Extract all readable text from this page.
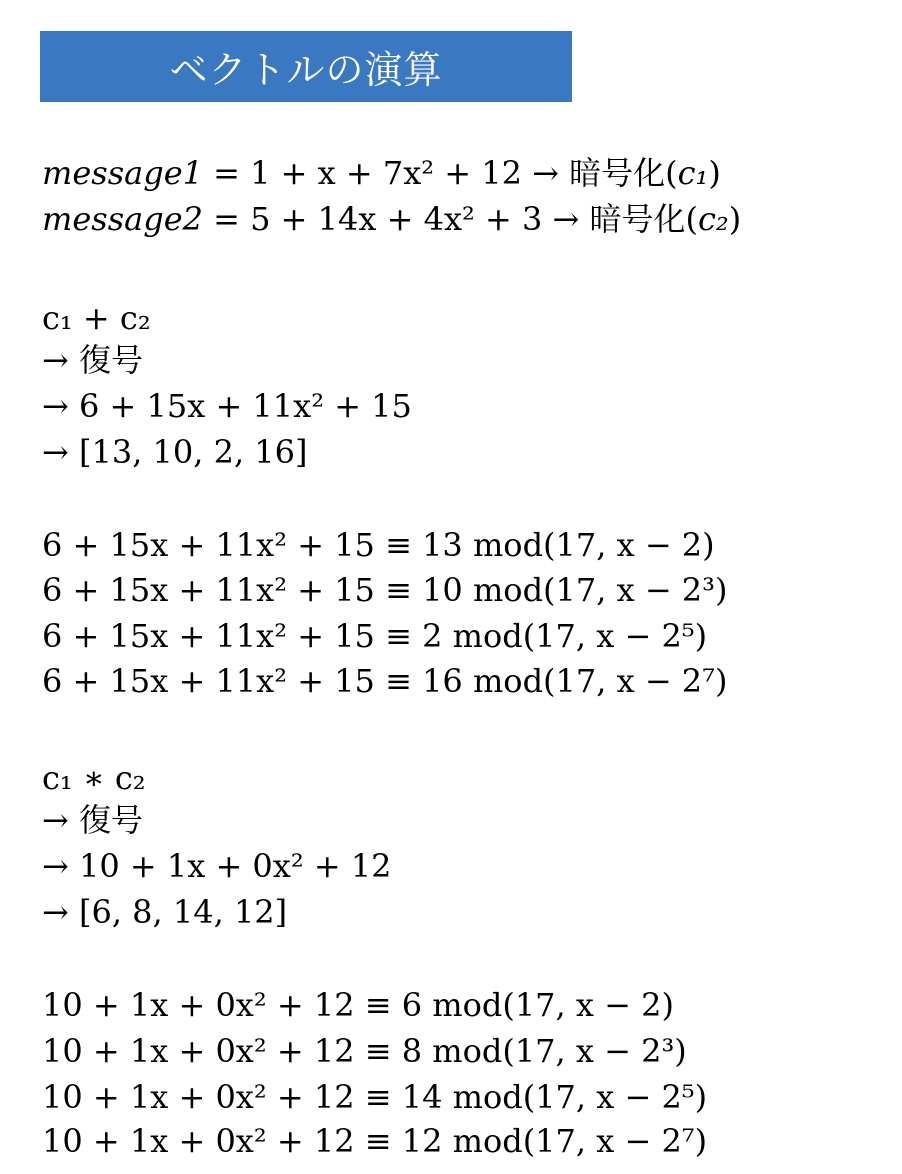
ベクトルの演算
message1 = 1 + x + 7x² + 12 → 暗号化(c₁)
message2 = 5 + 14x + 4x² + 3 → 暗号化(c₂)
c₁ + c₂
→ 復号
→ 6 + 15x + 11x² + 15
→ [13, 10, 2, 16]
6 + 15x + 11x² + 15 ≡ 13 mod(17, x − 2)
6 + 15x + 11x² + 15 ≡ 10 mod(17, x − 2³)
6 + 15x + 11x² + 15 ≡ 2 mod(17, x − 2⁵)
6 + 15x + 11x² + 15 ≡ 16 mod(17, x − 2⁷)
c₁ ∗ c₂
→ 復号
→ 10 + 1x + 0x² + 12
→ [6, 8, 14, 12]
10 + 1x + 0x² + 12 ≡ 6 mod(17, x − 2)
10 + 1x + 0x² + 12 ≡ 8 mod(17, x − 2³)
10 + 1x + 0x² + 12 ≡ 14 mod(17, x − 2⁵)
10 + 1x + 0x² + 12 ≡ 12 mod(17, x − 2⁷)
